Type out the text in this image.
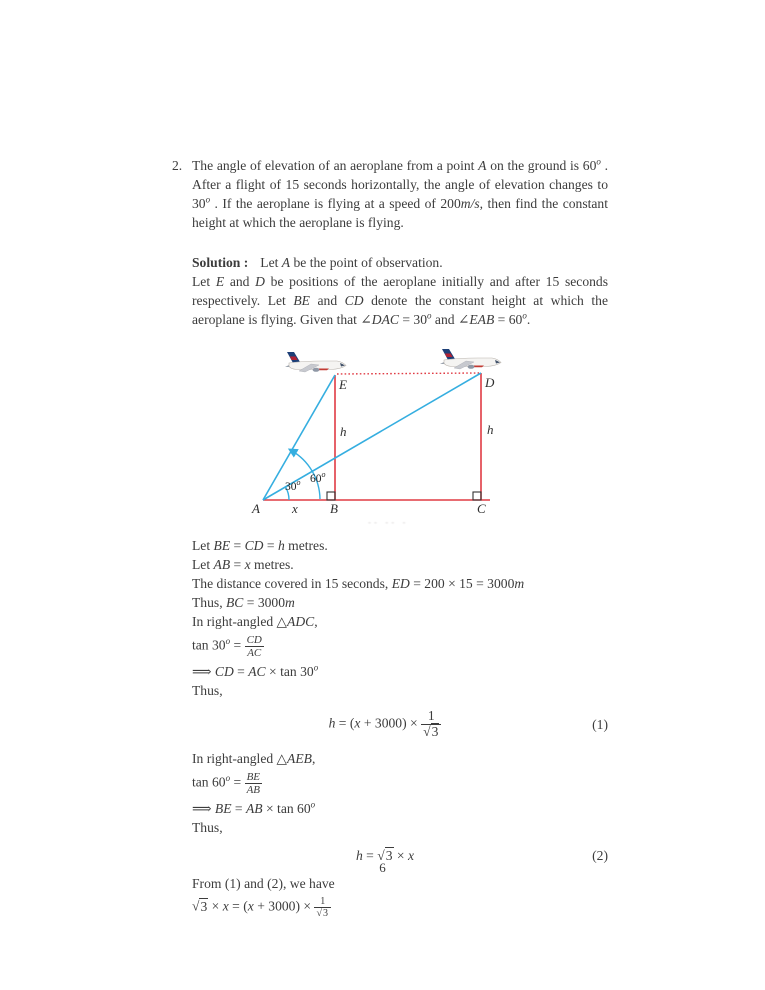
2. The angle of elevation of an aeroplane from a point A on the ground is 60$^o$ . After a flight of 15 seconds horizontally, the angle of elevation changes to 30$^o$ . If the aeroplane is flying at a speed of 200m/s, then find the constant height at which the aeroplane is flying.
Solution : Let A be the point of observation.
Let E and D be positions of the aeroplane initially and after 15 seconds respectively. Let BE and CD denote the constant height at which the aeroplane is flying. Given that ∠DAC = $30^o$ and ∠EAB = $60^o$.
A x B	C
E	D
h	h
30$^o$ 60$^o$
‐‐ ‐‐ ‐
Let BE = CD = h metres.
Let AB = x metres.
The distance covered in 15 seconds, ED = 200 × 15 = 3000m
Thus, BC = 3000m
In right-angled △ADC,
$\tan 30^o = \frac{CD}{AC}$
⟹ CD = AC × tan 30$^o$
Thus,
$h = (x + 3000) \times \frac{1}{√3}$	(1)
In right-angled △AEB,
$\tan 60^o = \frac{BE}{AB}$
⟹ BE = AB × tan 60$^o$
Thus,
h = √3 × x	(2)
From (1) and (2), we have
$√3 \times x = (x + 3000) \times \frac{1}{√3}$
6
